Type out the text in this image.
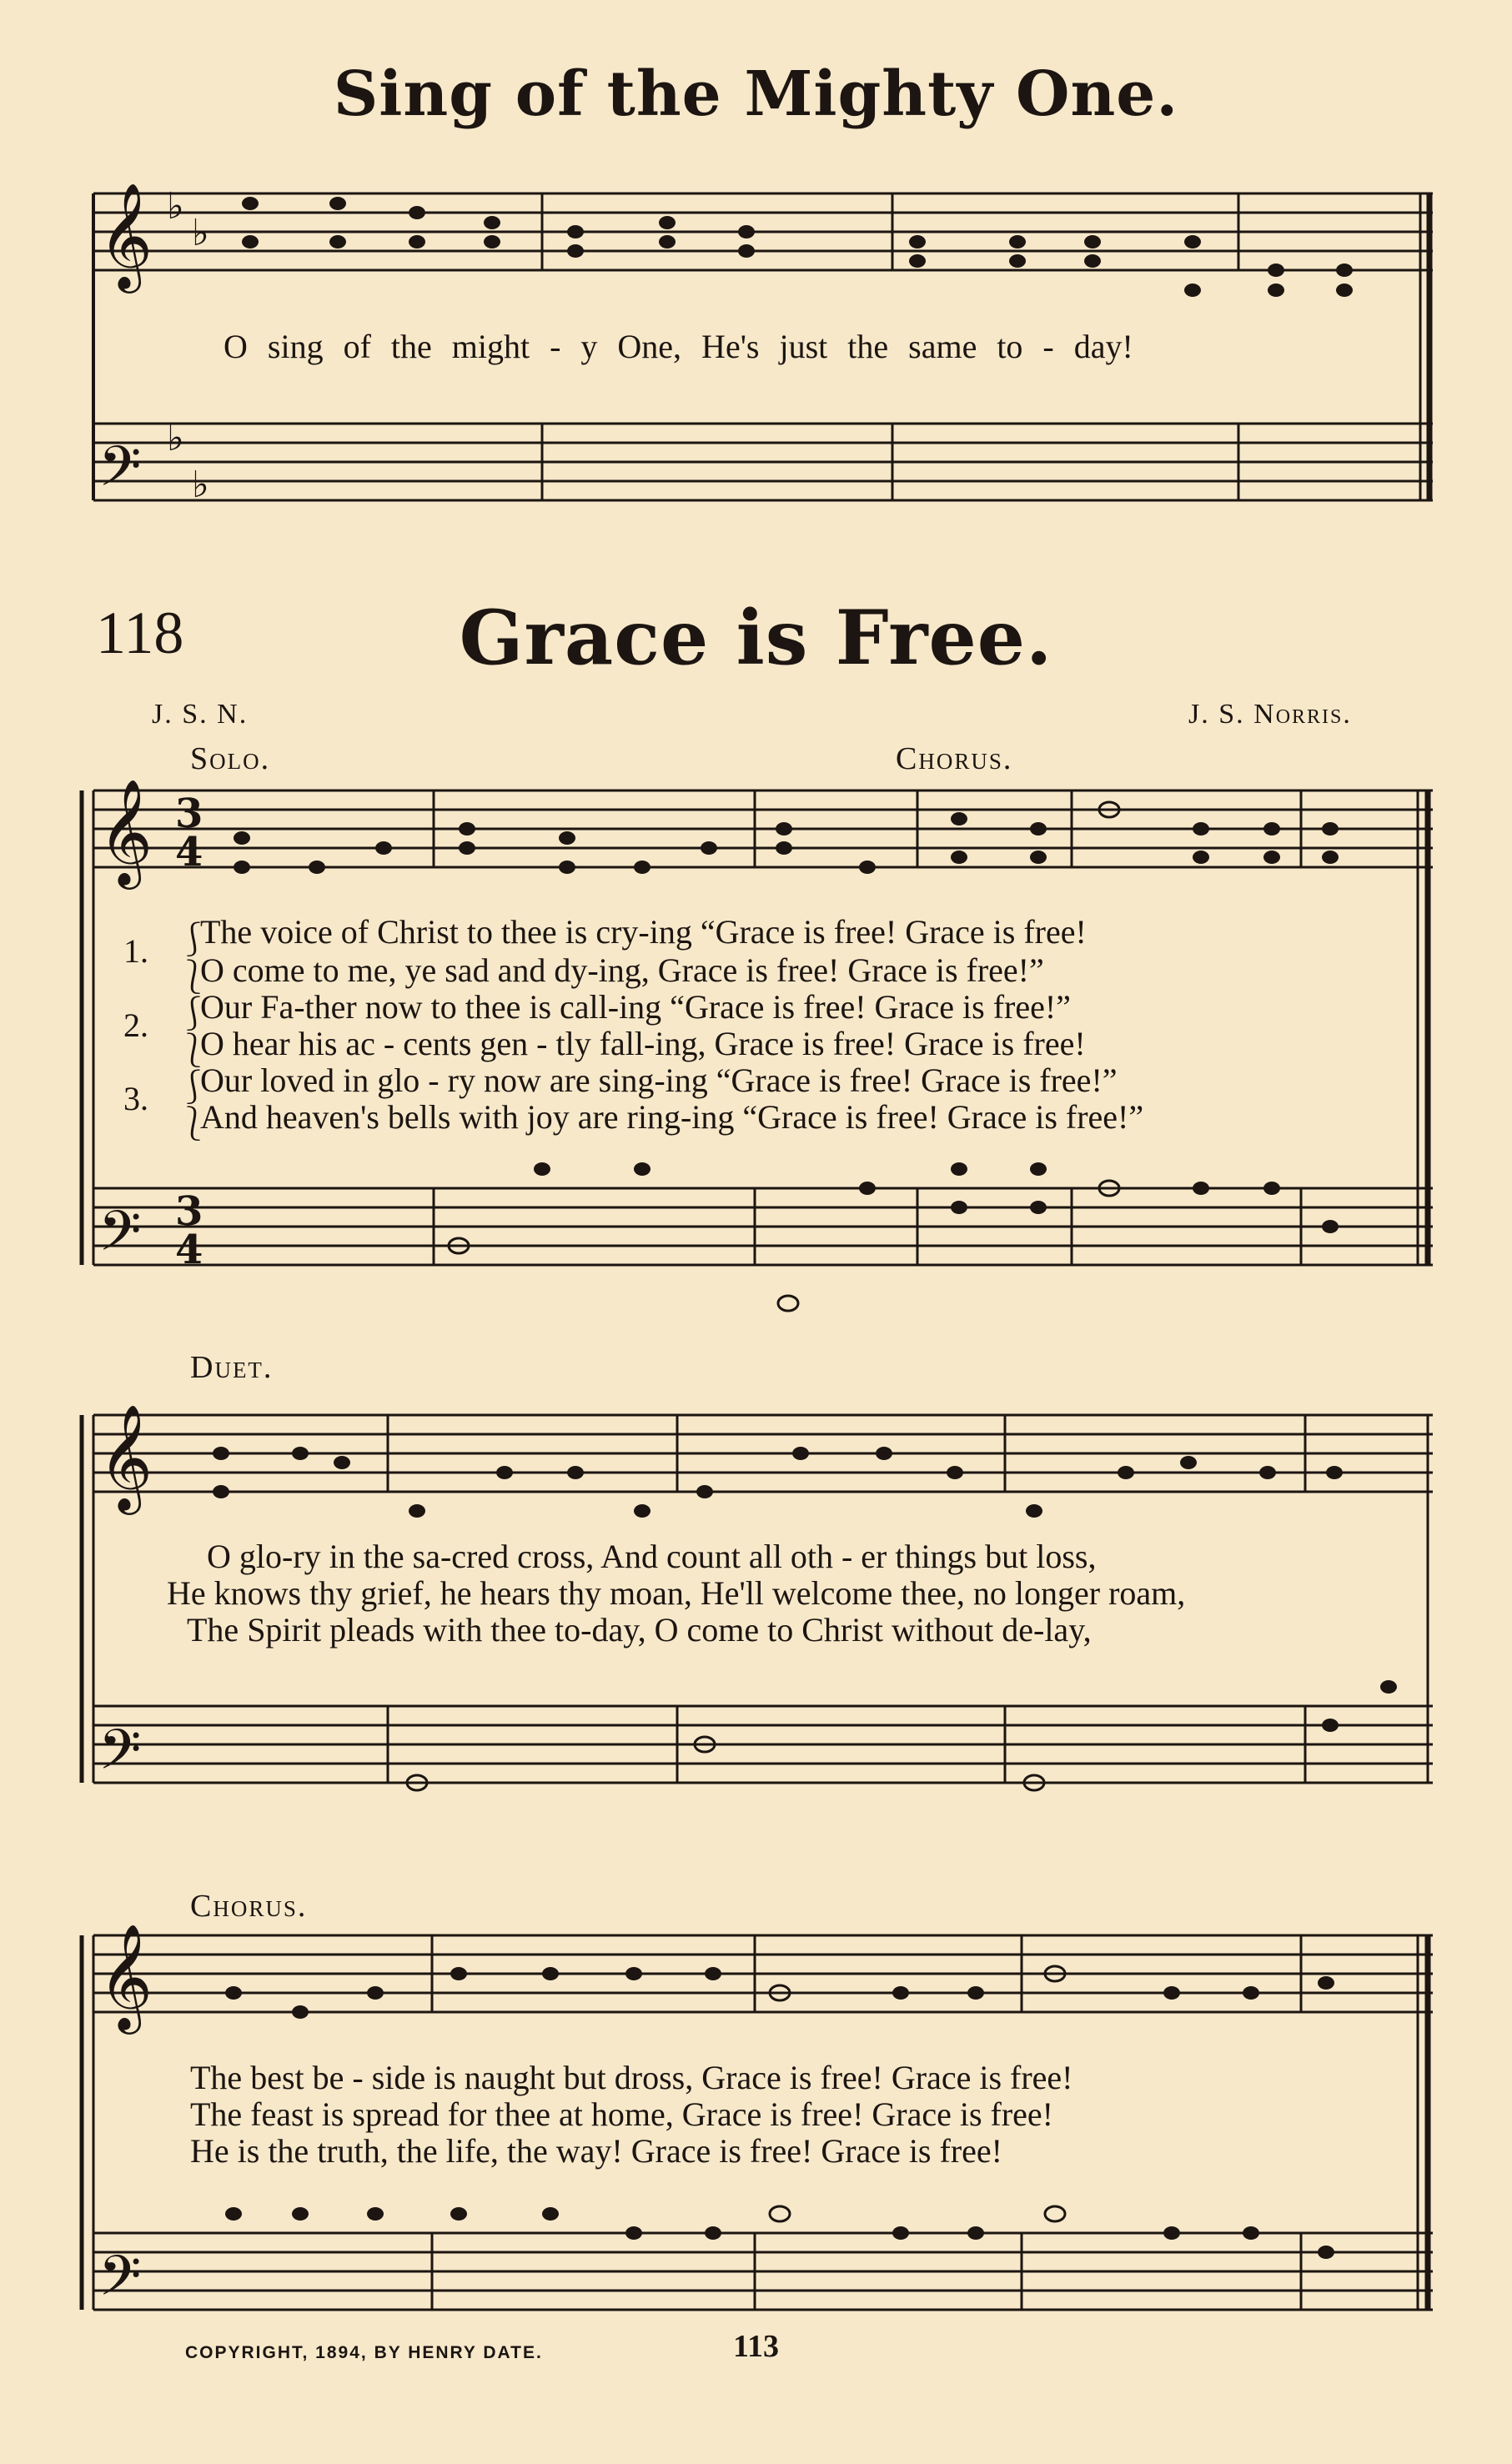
𝄞
𝄢
𝄞
𝄢
𝄞
𝄢
𝄞
𝄢
♭
♭
♭
♭
3
4
3
4
Sing of the Mighty One.
O sing of the might - y One, He's just the same to - day!
118	Grace is Free.
J. S. N.	J. S. Norris.
Solo.	Chorus.
1. ⎰
⎱
The voice of Christ to thee is cry-ing “Grace is free! Grace is free!
O come to me, ye sad and dy-ing, Grace is free! Grace is free!”
2. ⎰
⎱
Our Fa-ther now to thee is call-ing “Grace is free! Grace is free!”
O hear his ac - cents gen - tly fall-ing, Grace is free! Grace is free!
3. ⎰
⎱
Our loved in glo - ry now are sing-ing “Grace is free! Grace is free!”
And heaven's bells with joy are ring-ing “Grace is free! Grace is free!”
Duet.
O glo-ry in the sa-cred cross, And count all oth - er things but loss,
He knows thy grief, he hears thy moan, He'll welcome thee, no longer roam,
The Spirit pleads with thee to-day, O come to Christ without de-lay,
Chorus.
The best be - side is naught but dross, Grace is free! Grace is free!
The feast is spread for thee at home, Grace is free! Grace is free!
He is the truth, the life, the way! Grace is free! Grace is free!
COPYRIGHT, 1894, BY HENRY DATE.	113
